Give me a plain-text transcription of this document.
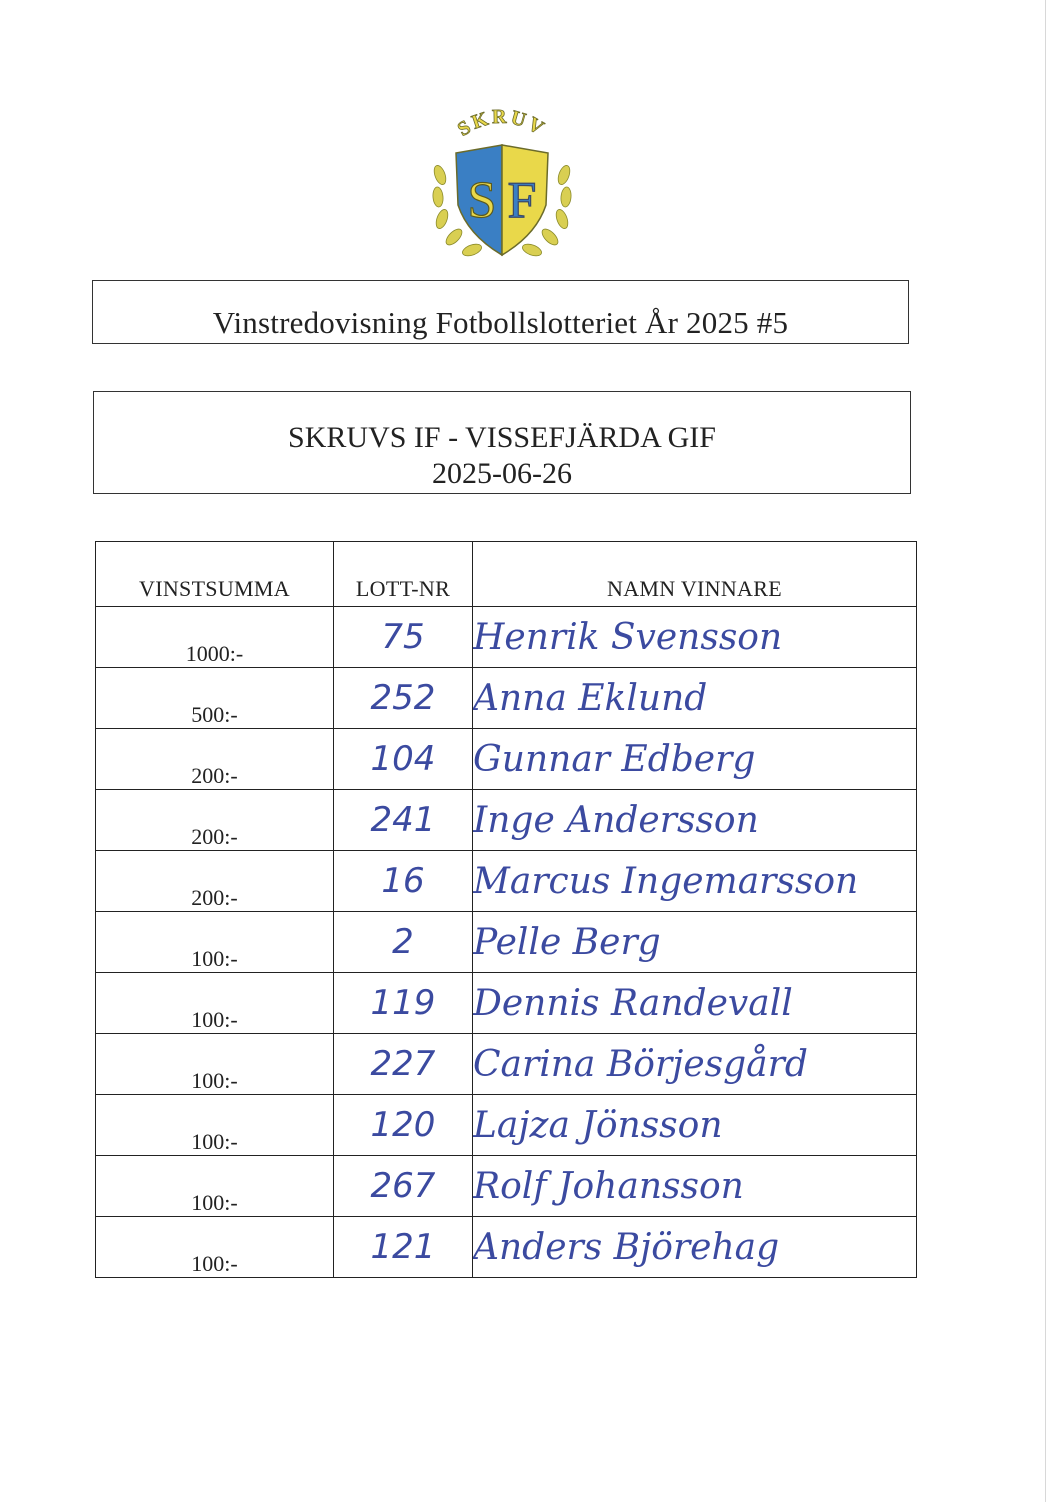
S F
SKRUV
Vinstredovisning Fotbollslotteriet År 2025 #5
SKRUVS IF - VISSEFJÄRDA GIF
2025-06-26
VINSTSUMMA	LOTT-NR	NAMN VINNARE
1000:-	75	Henrik Svensson
500:-	252	Anna Eklund
200:-	104	Gunnar Edberg
200:-	241	Inge Andersson
200:-	16	Marcus Ingemarsson
100:-	2	Pelle Berg
100:-	119	Dennis Randevall
100:-	227	Carina Börjesgård
100:-	120	Lajza Jönsson
100:-	267	Rolf Johansson
100:-	121	Anders Björehag
